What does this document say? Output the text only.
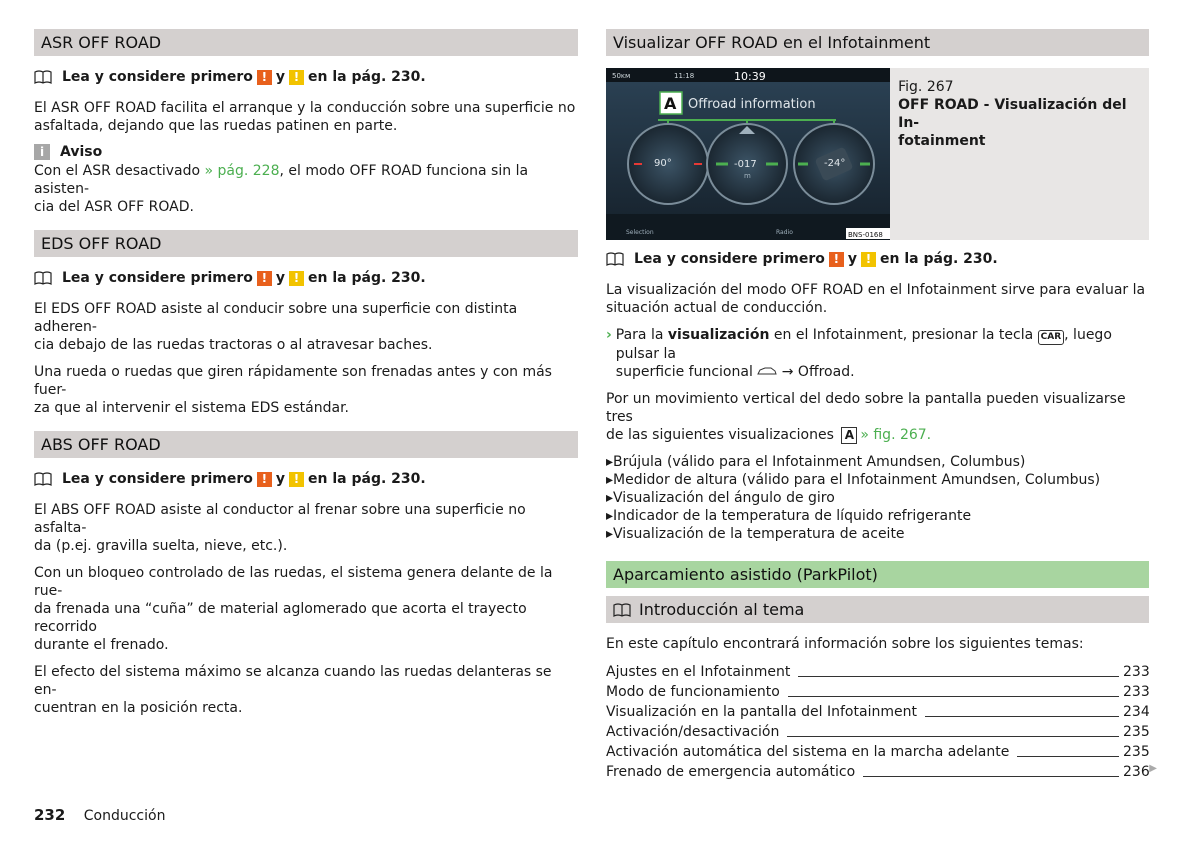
ASR OFF ROAD
Lea y considere primero ! y ! en la pág. 230.

El ASR OFF ROAD facilita el arranque y la conducción sobre una superficie no
asfaltada, dejando que las ruedas patinen en parte.

i	Aviso

Con el ASR desactivado » pág. 228, el modo OFF ROAD funciona sin la asisten-
cia del ASR OFF ROAD.

EDS OFF ROAD
Lea y considere primero ! y ! en la pág. 230.

El EDS OFF ROAD asiste al conducir sobre una superficie con distinta adheren-
cia debajo de las ruedas tractoras o al atravesar baches.

Una rueda o ruedas que giren rápidamente son frenadas antes y con más fuer-
za que al intervenir el sistema EDS estándar.

ABS OFF ROAD
Lea y considere primero ! y ! en la pág. 230.

El ABS OFF ROAD asiste al conductor al frenar sobre una superficie no asfalta-
da (p.ej. gravilla suelta, nieve, etc.).

Con un bloqueo controlado de las ruedas, el sistema genera delante de la rue-
da frenada una “cuña” de material aglomerado que acorta el trayecto recorrido
durante el frenado.

El efecto del sistema máximo se alcanza cuando las ruedas delanteras se en-
cuentran en la posición recta.

Visualizar OFF ROAD en el Infotainment
50ᴋᴍ	11:18	10:39
A Offroad information
90°	-017
m
-24°
Selection	Radio	BNS-0168
Fig. 267
OFF ROAD - Visualización del In-
fotainment
Lea y considere primero ! y ! en la pág. 230.

La visualización del modo OFF ROAD en el Infotainment sirve para evaluar la
situación actual de conducción.

› Para la visualización en el Infotainment, presionar la tecla CAR , luego pulsar la
superficie funcional → Offroad.

Por un movimiento vertical del dedo sobre la pantalla pueden visualizarse tres
de las siguientes visualizaciones A » fig. 267.

▸ Brújula (válido para el Infotainment Amundsen, Columbus)
▸ Medidor de altura (válido para el Infotainment Amundsen, Columbus)
▸ Visualización del ángulo de giro
▸ Indicador de la temperatura de líquido refrigerante
▸ Visualización de la temperatura de aceite
Aparcamiento asistido (ParkPilot)
Introducción al tema

En este capítulo encontrará información sobre los siguientes temas:

Ajustes en el Infotainment	233
Modo de funcionamiento	233
Visualización en la pantalla del Infotainment	234
Activación/desactivación	235
Activación automática del sistema en la marcha adelante	235
Frenado de emergencia automático	236 ▶
232 Conducción
